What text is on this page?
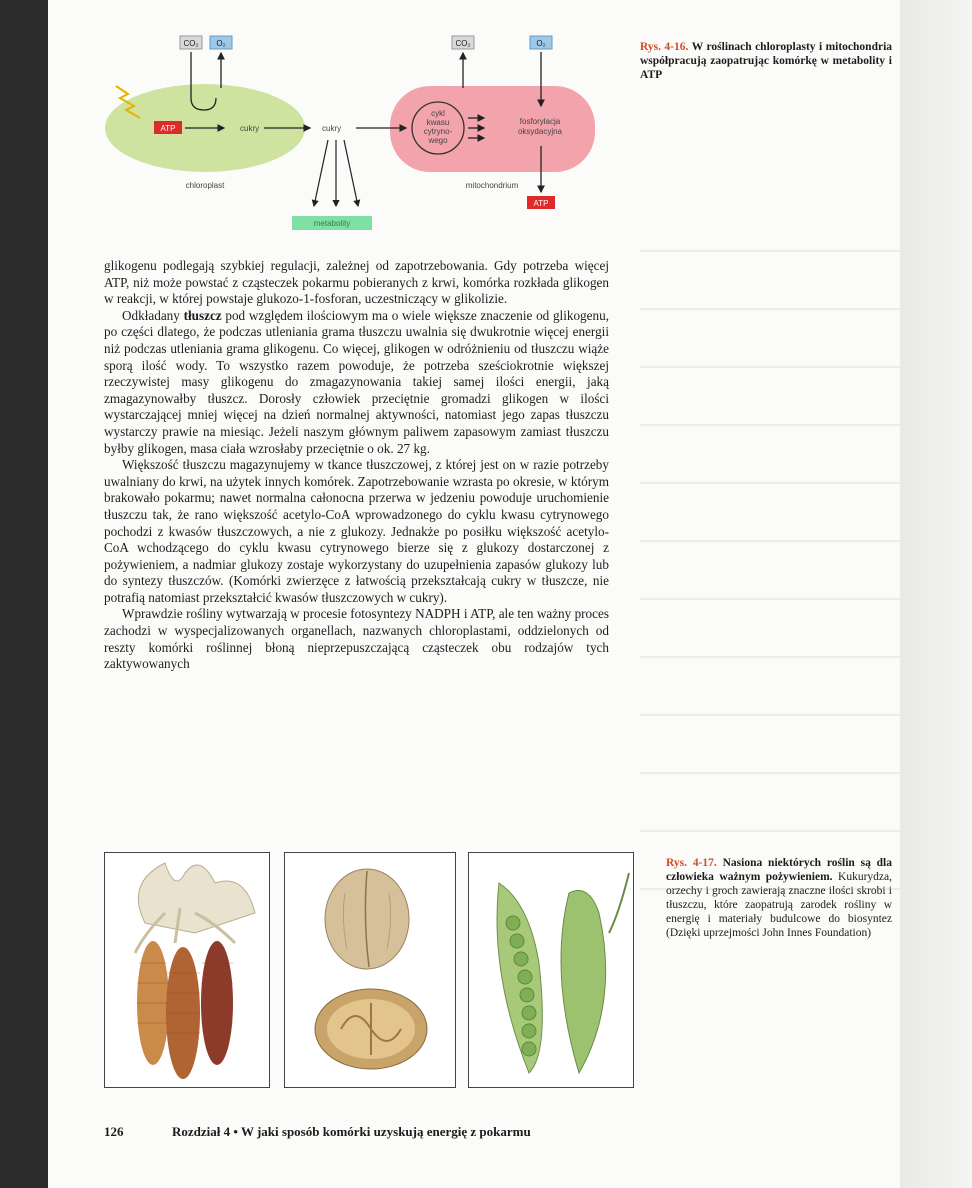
CO₂ O₂	CO₂	O₂
ATP	cukry	cukry
metabolity
cykl
kwasu
cytryno-
wego
fosforylacja
oksydacyjna
ATP
chloroplast	mitochondrium
Rys. 4-16. W roślinach chloroplasty i mitochondria współpracują zaopatrując komórkę w metabolity i ATP

glikogenu podlegają szybkiej regulacji, zależnej od zapotrzebowania. Gdy potrzeba więcej ATP, niż może powstać z cząsteczek pokarmu pobieranych z krwi, komórka rozkłada glikogen w reakcji, w której powstaje glukozo-1-fosforan, uczestniczący w glikolizie.

Odkładany tłuszcz pod względem ilościowym ma o wiele większe znaczenie od glikogenu, po części dlatego, że podczas utleniania grama tłuszczu uwalnia się dwukrotnie więcej energii niż podczas utleniania grama glikogenu. Co więcej, glikogen w odróżnieniu od tłuszczu wiąże sporą ilość wody. To wszystko razem powoduje, że potrzeba sześciokrotnie większej rzeczywistej masy glikogenu do zmagazynowania takiej samej ilości energii, jaką zmagazynowałby tłuszcz. Dorosły człowiek przeciętnie gromadzi glikogen w ilości wystarczającej mniej więcej na dzień normalnej aktywności, natomiast jego zapas tłuszczu wystarczy prawie na miesiąc. Jeżeli naszym głównym paliwem zapasowym zamiast tłuszczu byłby glikogen, masa ciała wzrosłaby przeciętnie o ok. 27 kg.

Większość tłuszczu magazynujemy w tkance tłuszczowej, z której jest on w razie potrzeby uwalniany do krwi, na użytek innych komórek. Zapotrzebowanie wzrasta po okresie, w którym brakowało pokarmu; nawet normalna całonocna przerwa w jedzeniu powoduje uruchomienie tłuszczu tak, że rano większość acetylo-CoA wprowadzonego do cyklu kwasu cytrynowego pochodzi z kwasów tłuszczowych, a nie z glukozy. Jednakże po posiłku większość acetylo-CoA wchodzącego do cyklu kwasu cytrynowego bierze się z glukozy dostarczonej z pożywieniem, a nadmiar glukozy zostaje wykorzystany do uzupełnienia zapasów glukozy lub do syntezy tłuszczów. (Komórki zwierzęce z łatwością przekształcają cukry w tłuszcze, nie potrafią natomiast przekształcić kwasów tłuszczowych w cukry).

Wprawdzie rośliny wytwarzają w procesie fotosyntezy NADPH i ATP, ale ten ważny proces zachodzi w wyspecjalizowanych organellach, nazwanych chloroplastami, oddzielonych od reszty komórki roślinnej błoną nieprzepuszczającą cząsteczek obu rodzajów tych zaktywowanych

Rys. 4-17. Nasiona niektórych roślin są dla człowieka ważnym pożywieniem. Kukurydza, orzechy i groch zawierają znaczne ilości skrobi i tłuszczu, które zaopatrują zarodek rośliny w energię i materiały budulcowe do biosyntez (Dzięki uprzejmości John Innes Foundation)
126	Rozdział 4 • W jaki sposób komórki uzyskują energię z pokarmu
